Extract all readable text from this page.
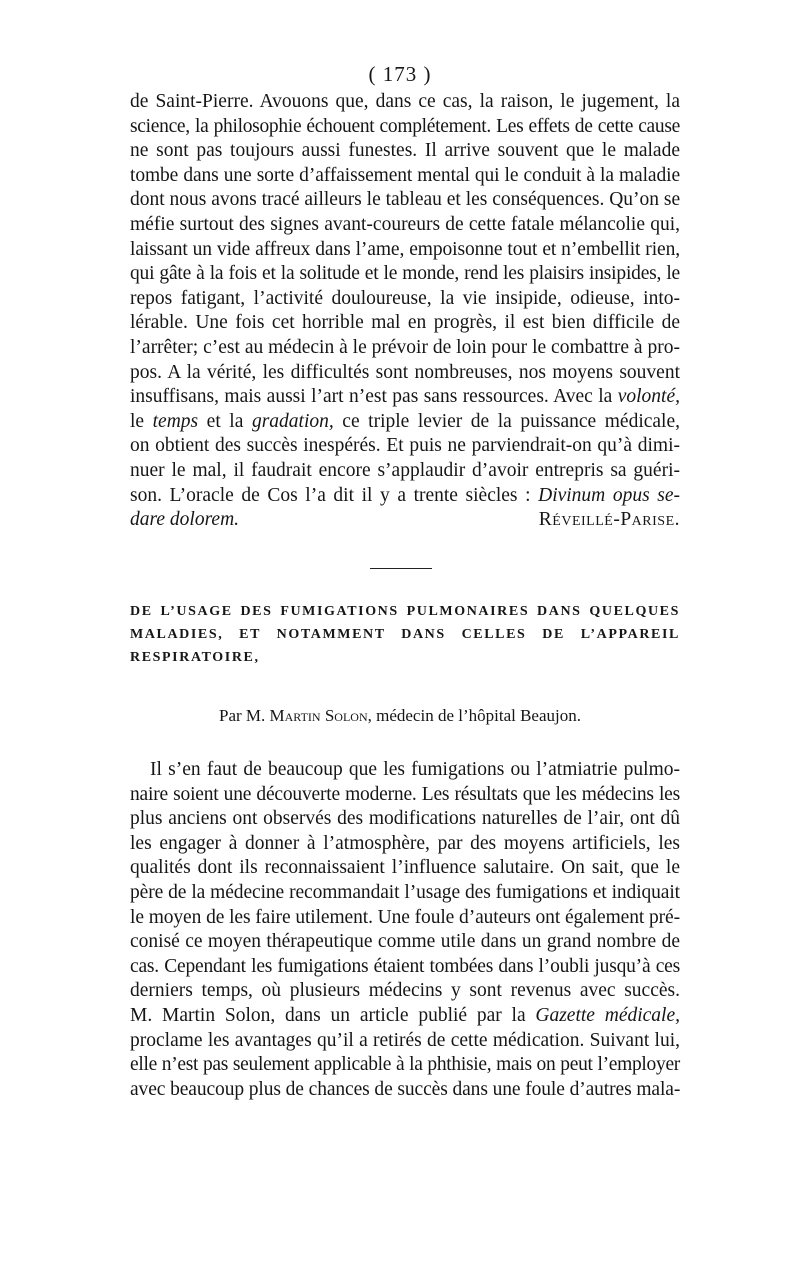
( 173 )
de Saint-Pierre. Avouons que, dans ce cas, la raison, le jugement, la
science, la philosophie échouent complétement. Les effets de cette cause
ne sont pas toujours aussi funestes. Il arrive souvent que le malade
tombe dans une sorte d’affaissement mental qui le conduit à la maladie
dont nous avons tracé ailleurs le tableau et les conséquences. Qu’on se
méfie surtout des signes avant-coureurs de cette fatale mélancolie qui,
laissant un vide affreux dans l’ame, empoisonne tout et n’embellit rien,
qui gâte à la fois et la solitude et le monde, rend les plaisirs insipides, le
repos fatigant, l’activité douloureuse, la vie insipide, odieuse, into-
lérable. Une fois cet horrible mal en progrès, il est bien difficile de
l’arrêter; c’est au médecin à le prévoir de loin pour le combattre à pro-
pos. A la vérité, les difficultés sont nombreuses, nos moyens souvent
insuffisans, mais aussi l’art n’est pas sans ressources. Avec la volonté,
le temps et la gradation, ce triple levier de la puissance médicale,
on obtient des succès inespérés. Et puis ne parviendrait-on qu’à dimi-
nuer le mal, il faudrait encore s’applaudir d’avoir entrepris sa guéri-
son. L’oracle de Cos l’a dit il y a trente siècles : Divinum opus se-
dare dolorem.	Réveillé-Parise.
DE L’USAGE DES FUMIGATIONS PULMONAIRES DANS QUELQUES
MALADIES, ET NOTAMMENT DANS CELLES DE L’APPAREIL
RESPIRATOIRE,
Par M. Martin Solon, médecin de l’hôpital Beaujon.
Il s’en faut de beaucoup que les fumigations ou l’atmiatrie pulmo-
naire soient une découverte moderne. Les résultats que les médecins les
plus anciens ont observés des modifications naturelles de l’air, ont dû
les engager à donner à l’atmosphère, par des moyens artificiels, les
qualités dont ils reconnaissaient l’influence salutaire. On sait, que le
père de la médecine recommandait l’usage des fumigations et indiquait
le moyen de les faire utilement. Une foule d’auteurs ont également pré-
conisé ce moyen thérapeutique comme utile dans un grand nombre de
cas. Cependant les fumigations étaient tombées dans l’oubli jusqu’à ces
derniers temps, où plusieurs médecins y sont revenus avec succès.
M. Martin Solon, dans un article publié par la Gazette médicale,
proclame les avantages qu’il a retirés de cette médication. Suivant lui,
elle n’est pas seulement applicable à la phthisie, mais on peut l’employer
avec beaucoup plus de chances de succès dans une foule d’autres mala-
